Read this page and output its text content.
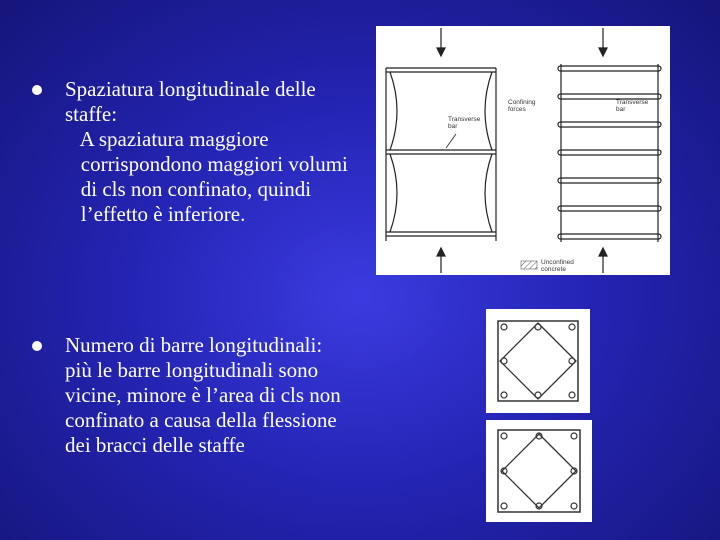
Spaziatura longitudinale delle
staffe:
A spaziatura maggiore
corrispondono maggiori volumi
di cls non confinato, quindi
l’effetto è inferiore.
Numero di barre longitudinali:
più le barre longitudinali sono
vicine, minore è l’area di cls non
confinato a causa della flessione
dei bracci delle staffe
Transverse bar
Confining forces
Transverse bar
Unconfined concrete
